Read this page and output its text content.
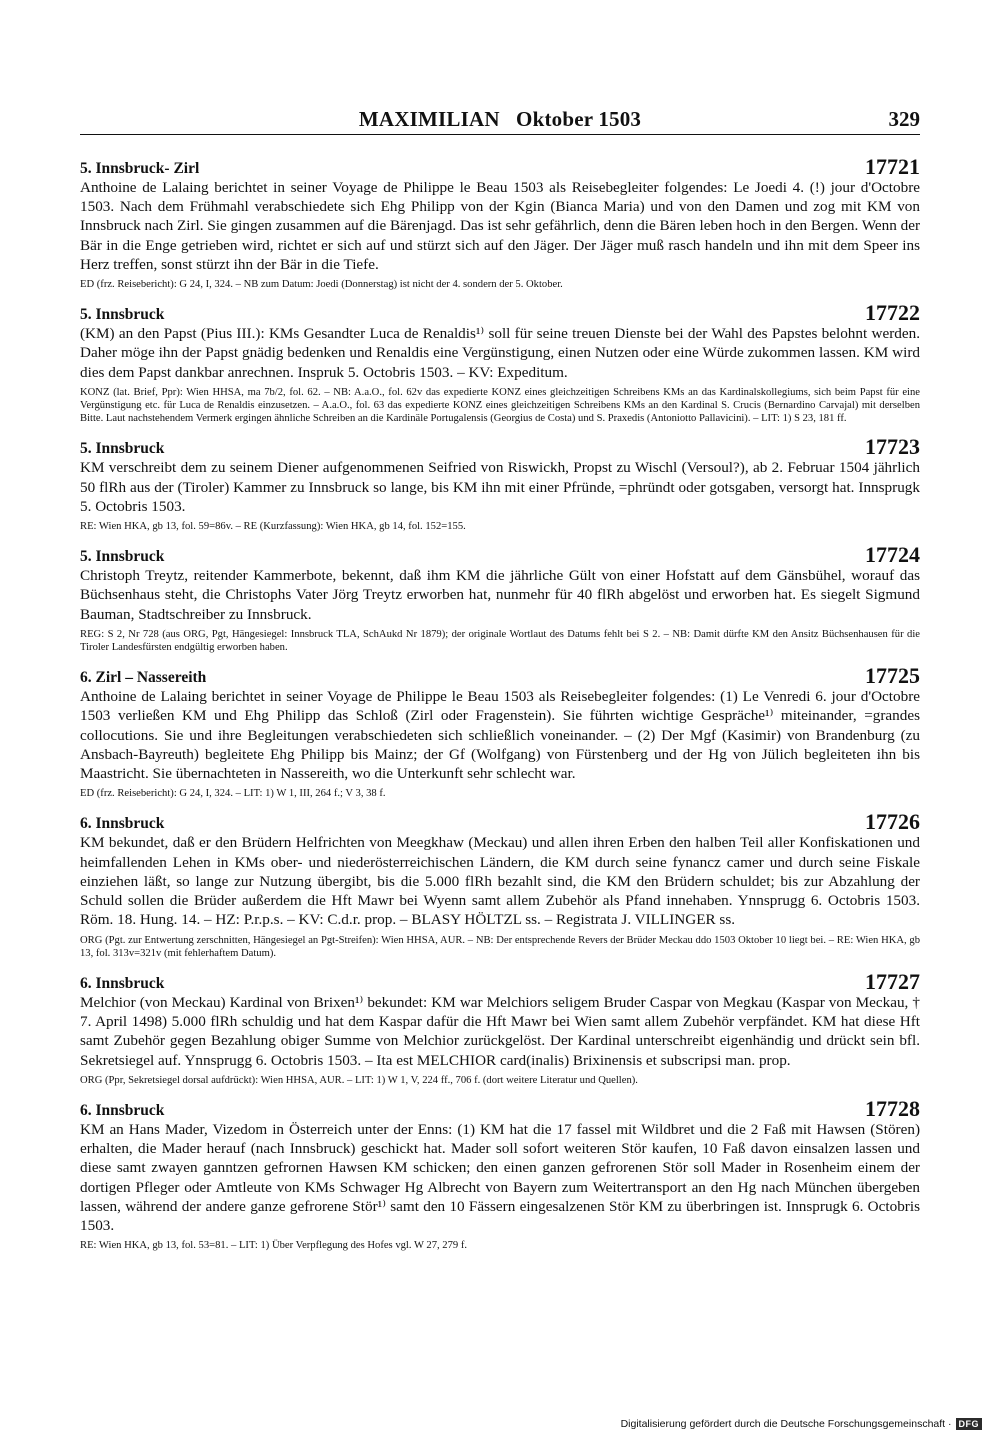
MAXIMILIAN   Oktober 1503	329
5. Innsbruck- Zirl	17721

Anthoine de Lalaing berichtet in seiner Voyage de Philippe le Beau 1503 als Reisebegleiter folgendes: Le Joedi 4. (!) jour d'Octobre 1503. Nach dem Frühmahl verabschiedete sich Ehg Philipp von der Kgin (Bianca Maria) und von den Damen und zog mit KM von Innsbruck nach Zirl. Sie gingen zusammen auf die Bärenjagd. Das ist sehr gefährlich, denn die Bären leben hoch in den Bergen. Wenn der Bär in die Enge getrieben wird, richtet er sich auf und stürzt sich auf den Jäger. Der Jäger muß rasch handeln und ihn mit dem Speer ins Herz treffen, sonst stürzt ihn der Bär in die Tiefe.

ED (frz. Reisebericht): G 24, I, 324. – NB zum Datum: Joedi (Donnerstag) ist nicht der 4. sondern der 5. Oktober.

5. Innsbruck	17722

(KM) an den Papst (Pius III.): KMs Gesandter Luca de Renaldis¹⁾ soll für seine treuen Dienste bei der Wahl des Papstes belohnt werden. Daher möge ihn der Papst gnädig bedenken und Renaldis eine Vergünstigung, einen Nutzen oder eine Würde zukommen lassen. KM wird dies dem Papst dankbar anrechnen. Inspruk 5. Octobris 1503. – KV: Expeditum.

KONZ (lat. Brief, Ppr): Wien HHSA, ma 7b/2, fol. 62. – NB: A.a.O., fol. 62v das expedierte KONZ eines gleichzeitigen Schreibens KMs an das Kardinalskollegiums, sich beim Papst für eine Vergünstigung etc. für Luca de Renaldis einzusetzen. – A.a.O., fol. 63 das expedierte KONZ eines gleichzeitigen Schreibens KMs an den Kardinal S. Crucis (Bernardino Carvajal) mit derselben Bitte. Laut nachstehendem Vermerk ergingen ähnliche Schreiben an die Kardinäle Portugalensis (Georgius de Costa) und S. Praxedis (Antoniotto Pallavicini). – LIT: 1) S 23, 181 ff.

5. Innsbruck	17723

KM verschreibt dem zu seinem Diener aufgenommenen Seifried von Riswickh, Propst zu Wischl (Versoul?), ab 2. Februar 1504 jährlich 50 flRh aus der (Tiroler) Kammer zu Innsbruck so lange, bis KM ihn mit einer Pfründe, =phründt oder gotsgaben, versorgt hat. Innsprugk 5. Octobris 1503.

RE: Wien HKA, gb 13, fol. 59=86v. – RE (Kurzfassung): Wien HKA, gb 14, fol. 152=155.

5. Innsbruck	17724

Christoph Treytz, reitender Kammerbote, bekennt, daß ihm KM die jährliche Gült von einer Hofstatt auf dem Gänsbühel, worauf das Büchsenhaus steht, die Christophs Vater Jörg Treytz erworben hat, nunmehr für 40 flRh abgelöst und erworben hat. Es siegelt Sigmund Bauman, Stadtschreiber zu Innsbruck.

REG: S 2, Nr 728 (aus ORG, Pgt, Hängesiegel: Innsbruck TLA, SchAukd Nr 1879); der originale Wortlaut des Datums fehlt bei S 2. – NB: Damit dürfte KM den Ansitz Büchsenhausen für die Tiroler Landesfürsten endgültig erworben haben.

6. Zirl – Nassereith	17725

Anthoine de Lalaing berichtet in seiner Voyage de Philippe le Beau 1503 als Reisebegleiter folgendes: (1) Le Venredi 6. jour d'Octobre 1503 verließen KM und Ehg Philipp das Schloß (Zirl oder Fragenstein). Sie führten wichtige Gespräche¹⁾ miteinander, =grandes collocutions. Sie und ihre Begleitungen verabschiedeten sich schließlich voneinander. – (2) Der Mgf (Kasimir) von Brandenburg (zu Ansbach-Bayreuth) begleitete Ehg Philipp bis Mainz; der Gf (Wolfgang) von Fürstenberg und der Hg von Jülich begleiteten ihn bis Maastricht. Sie übernachteten in Nassereith, wo die Unterkunft sehr schlecht war.

ED (frz. Reisebericht): G 24, I, 324. – LIT: 1) W 1, III, 264 f.; V 3, 38 f.

6. Innsbruck	17726

KM bekundet, daß er den Brüdern Helfrichten von Meegkhaw (Meckau) und allen ihren Erben den halben Teil aller Konfiskationen und heimfallenden Lehen in KMs ober- und niederösterreichischen Ländern, die KM durch seine fynancz camer und durch seine Fiskale einziehen läßt, so lange zur Nutzung übergibt, bis die 5.000 flRh bezahlt sind, die KM den Brüdern schuldet; bis zur Abzahlung der Schuld sollen die Brüder außerdem die Hft Mawr bei Wyenn samt allem Zubehör als Pfand innehaben. Ynnsprugg 6. Octobris 1503. Röm. 18. Hung. 14. – HZ: P.r.p.s. – KV: C.d.r. prop. – BLASY HÖLTZL ss. – Registrata J. VILLINGER ss.

ORG (Pgt. zur Entwertung zerschnitten, Hängesiegel an Pgt-Streifen): Wien HHSA, AUR. – NB: Der entsprechende Revers der Brüder Meckau ddo 1503 Oktober 10 liegt bei. – RE: Wien HKA, gb 13, fol. 313v=321v (mit fehlerhaftem Datum).

6. Innsbruck	17727

Melchior (von Meckau) Kardinal von Brixen¹⁾ bekundet: KM war Melchiors seligem Bruder Caspar von Megkau (Kaspar von Meckau, † 7. April 1498) 5.000 flRh schuldig und hat dem Kaspar dafür die Hft Mawr bei Wien samt allem Zubehör verpfändet. KM hat diese Hft samt Zubehör gegen Bezahlung obiger Summe von Melchior zurückgelöst. Der Kardinal unterschreibt eigenhändig und drückt sein bfl. Sekretsiegel auf. Ynnsprugg 6. Octobris 1503. – Ita est MELCHIOR card(inalis) Brixinensis et subscripsi man. prop.

ORG (Ppr, Sekretsiegel dorsal aufdrückt): Wien HHSA, AUR. – LIT: 1) W 1, V, 224 ff., 706 f. (dort weitere Literatur und Quellen).

6. Innsbruck	17728

KM an Hans Mader, Vizedom in Österreich unter der Enns: (1) KM hat die 17 fassel mit Wildbret und die 2 Faß mit Hawsen (Stören) erhalten, die Mader herauf (nach Innsbruck) geschickt hat. Mader soll sofort weiteren Stör kaufen, 10 Faß davon einsalzen lassen und diese samt zwayen ganntzen gefrornen Hawsen KM schicken; den einen ganzen gefrorenen Stör soll Mader in Rosenheim einem der dortigen Pfleger oder Amtleute von KMs Schwager Hg Albrecht von Bayern zum Weitertransport an den Hg nach München übergeben lassen, während der andere ganze gefrorene Stör¹⁾ samt den 10 Fässern eingesalzenen Stör KM zu überbringen ist. Innsprugk 6. Octobris 1503.

RE: Wien HKA, gb 13, fol. 53=81. – LIT: 1) Über Verpflegung des Hofes vgl. W 27, 279 f.

Digitalisierung gefördert durch die Deutsche Forschungsgemeinschaft · DFG
